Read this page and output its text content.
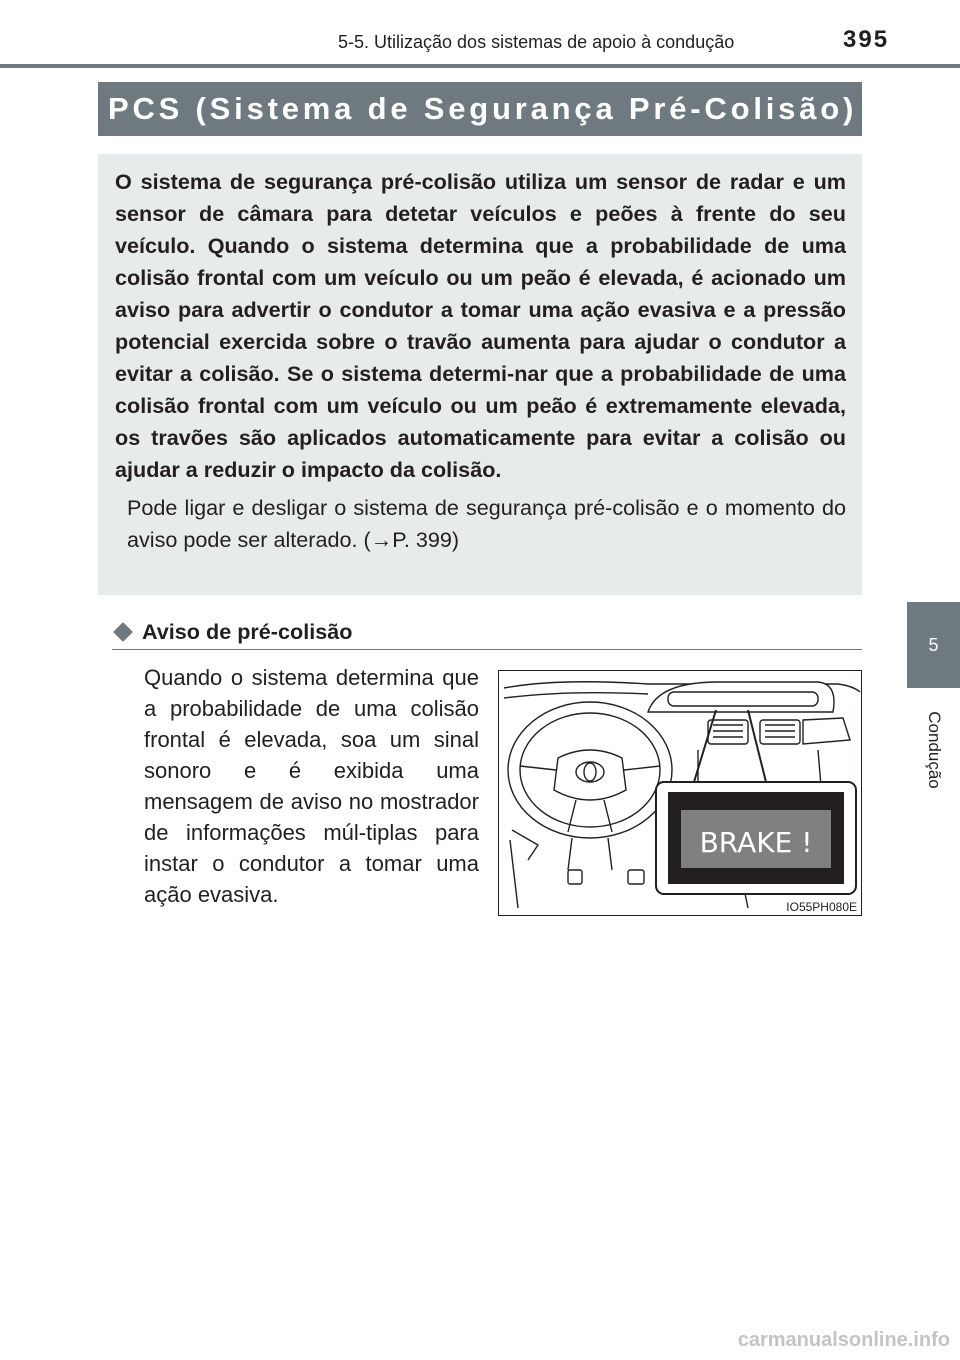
5-5. Utilização dos sistemas de apoio à condução	395
PCS (Sistema de Segurança Pré-Colisão)

O sistema de segurança pré-colisão utiliza um sensor de radar e um sensor de câmara para detetar veículos e peões à frente do seu veículo. Quando o sistema determina que a probabilidade de uma colisão frontal com um veículo ou um peão é elevada, é acionado um aviso para advertir o condutor a tomar uma ação evasiva e a pressão potencial exercida sobre o travão aumenta para ajudar o condutor a evitar a colisão. Se o sistema determi-nar que a probabilidade de uma colisão frontal com um veículo ou um peão é extremamente elevada, os travões são aplicados automaticamente para evitar a colisão ou ajudar a reduzir o impacto da colisão.

Pode ligar e desligar o sistema de segurança pré-colisão e o momento do aviso pode ser alterado. (→P. 399)

Aviso de pré-colisão

Quando o sistema determina que a probabilidade de uma colisão frontal é elevada, soa um sinal sonoro e é exibida uma mensagem de aviso no mostrador de informações múl-tiplas para instar o condutor a tomar uma ação evasiva.

BRAKE !
IO55PH080E
5
Condução
carmanualsonline.info
